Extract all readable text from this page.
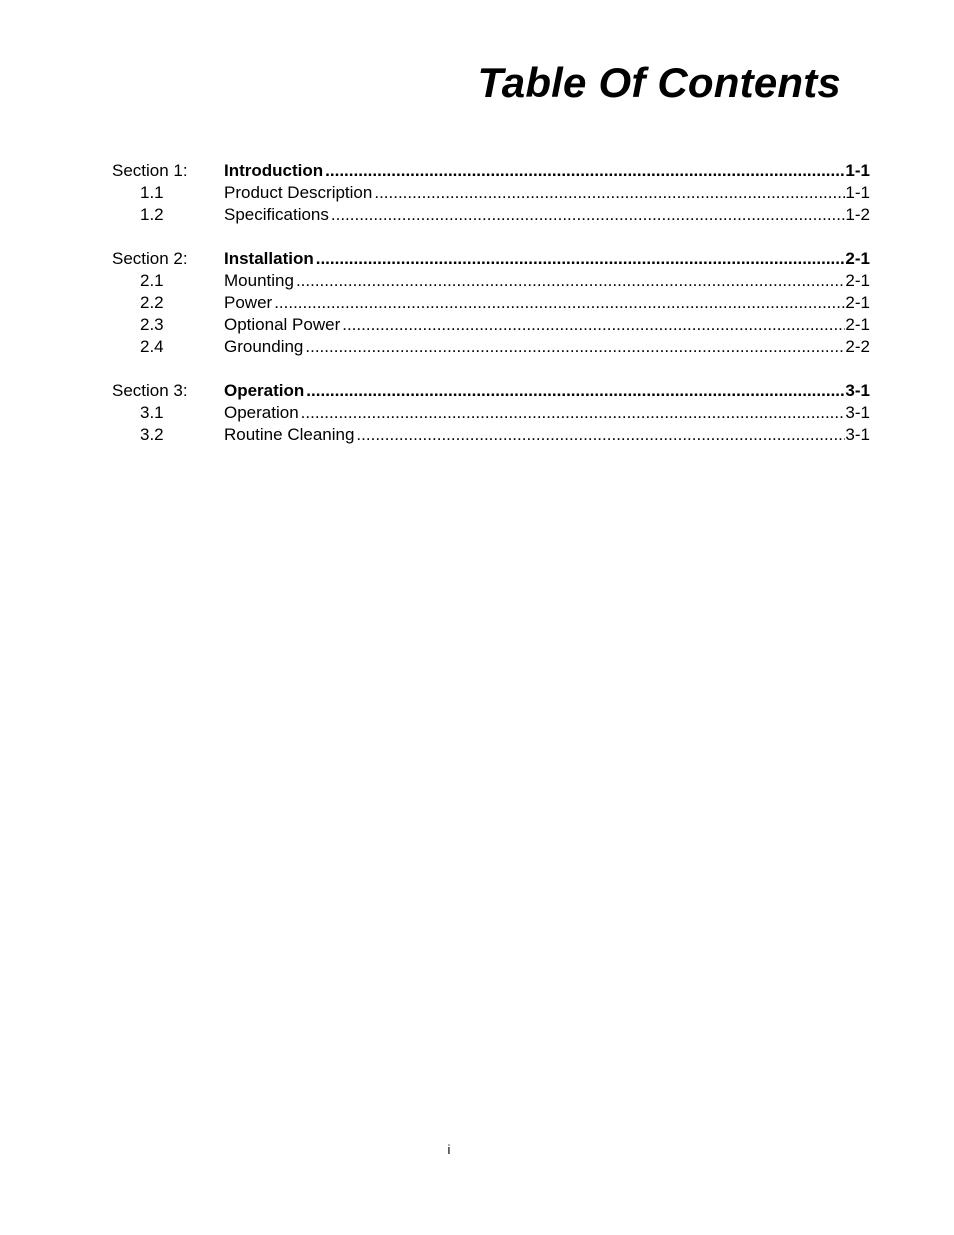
Table Of Contents
Section 1:	Introduction .....	1-1
1.1	Product Description .....	1-1
1.2	Specifications .....	1-2
Section 2:	Installation .....	2-1
2.1	Mounting .....	2-1
2.2	Power .....	2-1
2.3	Optional Power .....	2-1
2.4	Grounding .....	2-2
Section 3:	Operation .....	3-1
3.1	Operation .....	3-1
3.2	Routine Cleaning .....	3-1
i
